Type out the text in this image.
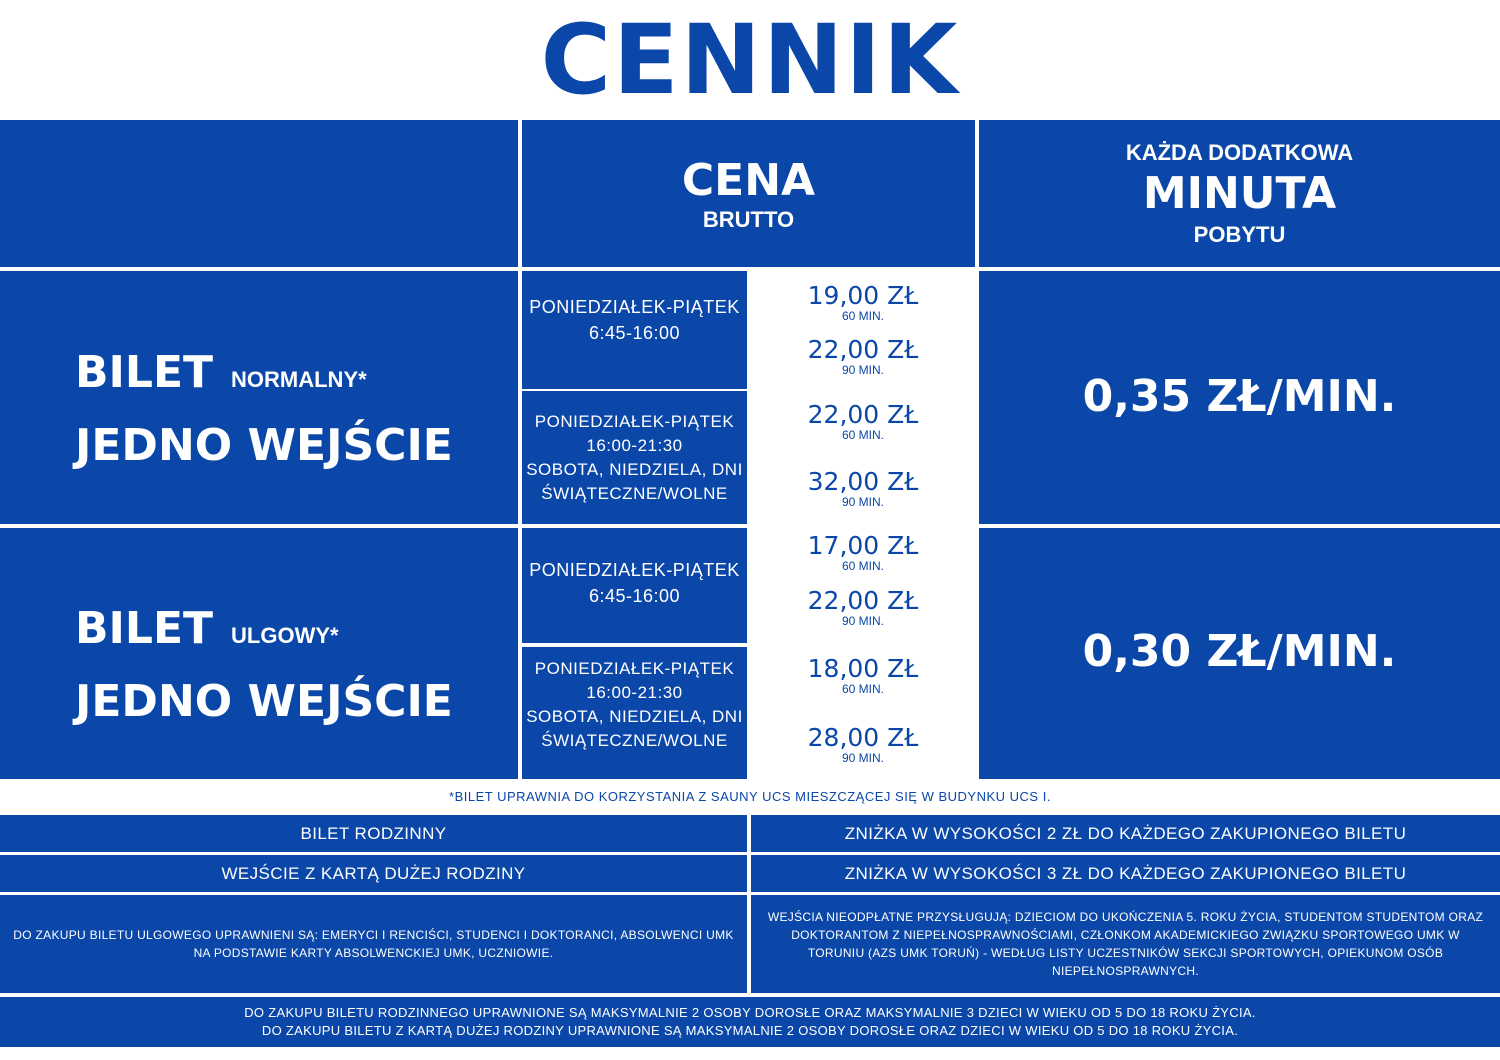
CENNIK
CENA
BRUTTO
KAŻDA DODATKOWA
MINUTA
POBYTU
BILET NORMALNY*
JEDNO WEJŚCIE
PONIEDZIAŁEK-PIĄTEK
6:45-16:00
19,00 ZŁ
60 MIN.
22,00 ZŁ
90 MIN.
PONIEDZIAŁEK-PIĄTEK
16:00-21:30
SOBOTA, NIEDZIELA, DNI
ŚWIĄTECZNE/WOLNE
22,00 ZŁ
60 MIN.
32,00 ZŁ
90 MIN.
0,35 ZŁ/MIN.
BILET ULGOWY*
JEDNO WEJŚCIE
PONIEDZIAŁEK-PIĄTEK
6:45-16:00
17,00 ZŁ
60 MIN.
22,00 ZŁ
90 MIN.
PONIEDZIAŁEK-PIĄTEK
16:00-21:30
SOBOTA, NIEDZIELA, DNI
ŚWIĄTECZNE/WOLNE
18,00 ZŁ
60 MIN.
28,00 ZŁ
90 MIN.
0,30 ZŁ/MIN.
*BILET UPRAWNIA DO KORZYSTANIA Z SAUNY UCS MIESZCZĄCEJ SIĘ W BUDYNKU UCS I.
BILET RODZINNY	ZNIŻKA W WYSOKOŚCI 2 ZŁ DO KAŻDEGO ZAKUPIONEGO BILETU
WEJŚCIE Z KARTĄ DUŻEJ RODZINY	ZNIŻKA W WYSOKOŚCI 3 ZŁ DO KAŻDEGO ZAKUPIONEGO BILETU
DO ZAKUPU BILETU ULGOWEGO UPRAWNIENI SĄ: EMERYCI I RENCIŚCI, STUDENCI I DOKTORANCI, ABSOLWENCI UMK NA PODSTAWIE KARTY ABSOLWENCKIEJ UMK, UCZNIOWIE.
WEJŚCIA NIEODPŁATNE PRZYSŁUGUJĄ: DZIECIOM DO UKOŃCZENIA 5. ROKU ŻYCIA, STUDENTOM STUDENTOM ORAZ DOKTORANTOM Z NIEPEŁNOSPRAWNOŚCIAMI, CZŁONKOM AKADEMICKIEGO ZWIĄZKU SPORTOWEGO UMK W TORUNIU (AZS UMK TORUŃ) - WEDŁUG LISTY UCZESTNIKÓW SEKCJI SPORTOWYCH, OPIEKUNOM OSÓB NIEPEŁNOSPRAWNYCH.
DO ZAKUPU BILETU RODZINNEGO UPRAWNIONE SĄ MAKSYMALNIE 2 OSOBY DOROSŁE ORAZ MAKSYMALNIE 3 DZIECI W WIEKU OD 5 DO 18 ROKU ŻYCIA.
DO ZAKUPU BILETU Z KARTĄ DUŻEJ RODZINY UPRAWNIONE SĄ MAKSYMALNIE 2 OSOBY DOROSŁE ORAZ DZIECI W WIEKU OD 5 DO 18 ROKU ŻYCIA.
